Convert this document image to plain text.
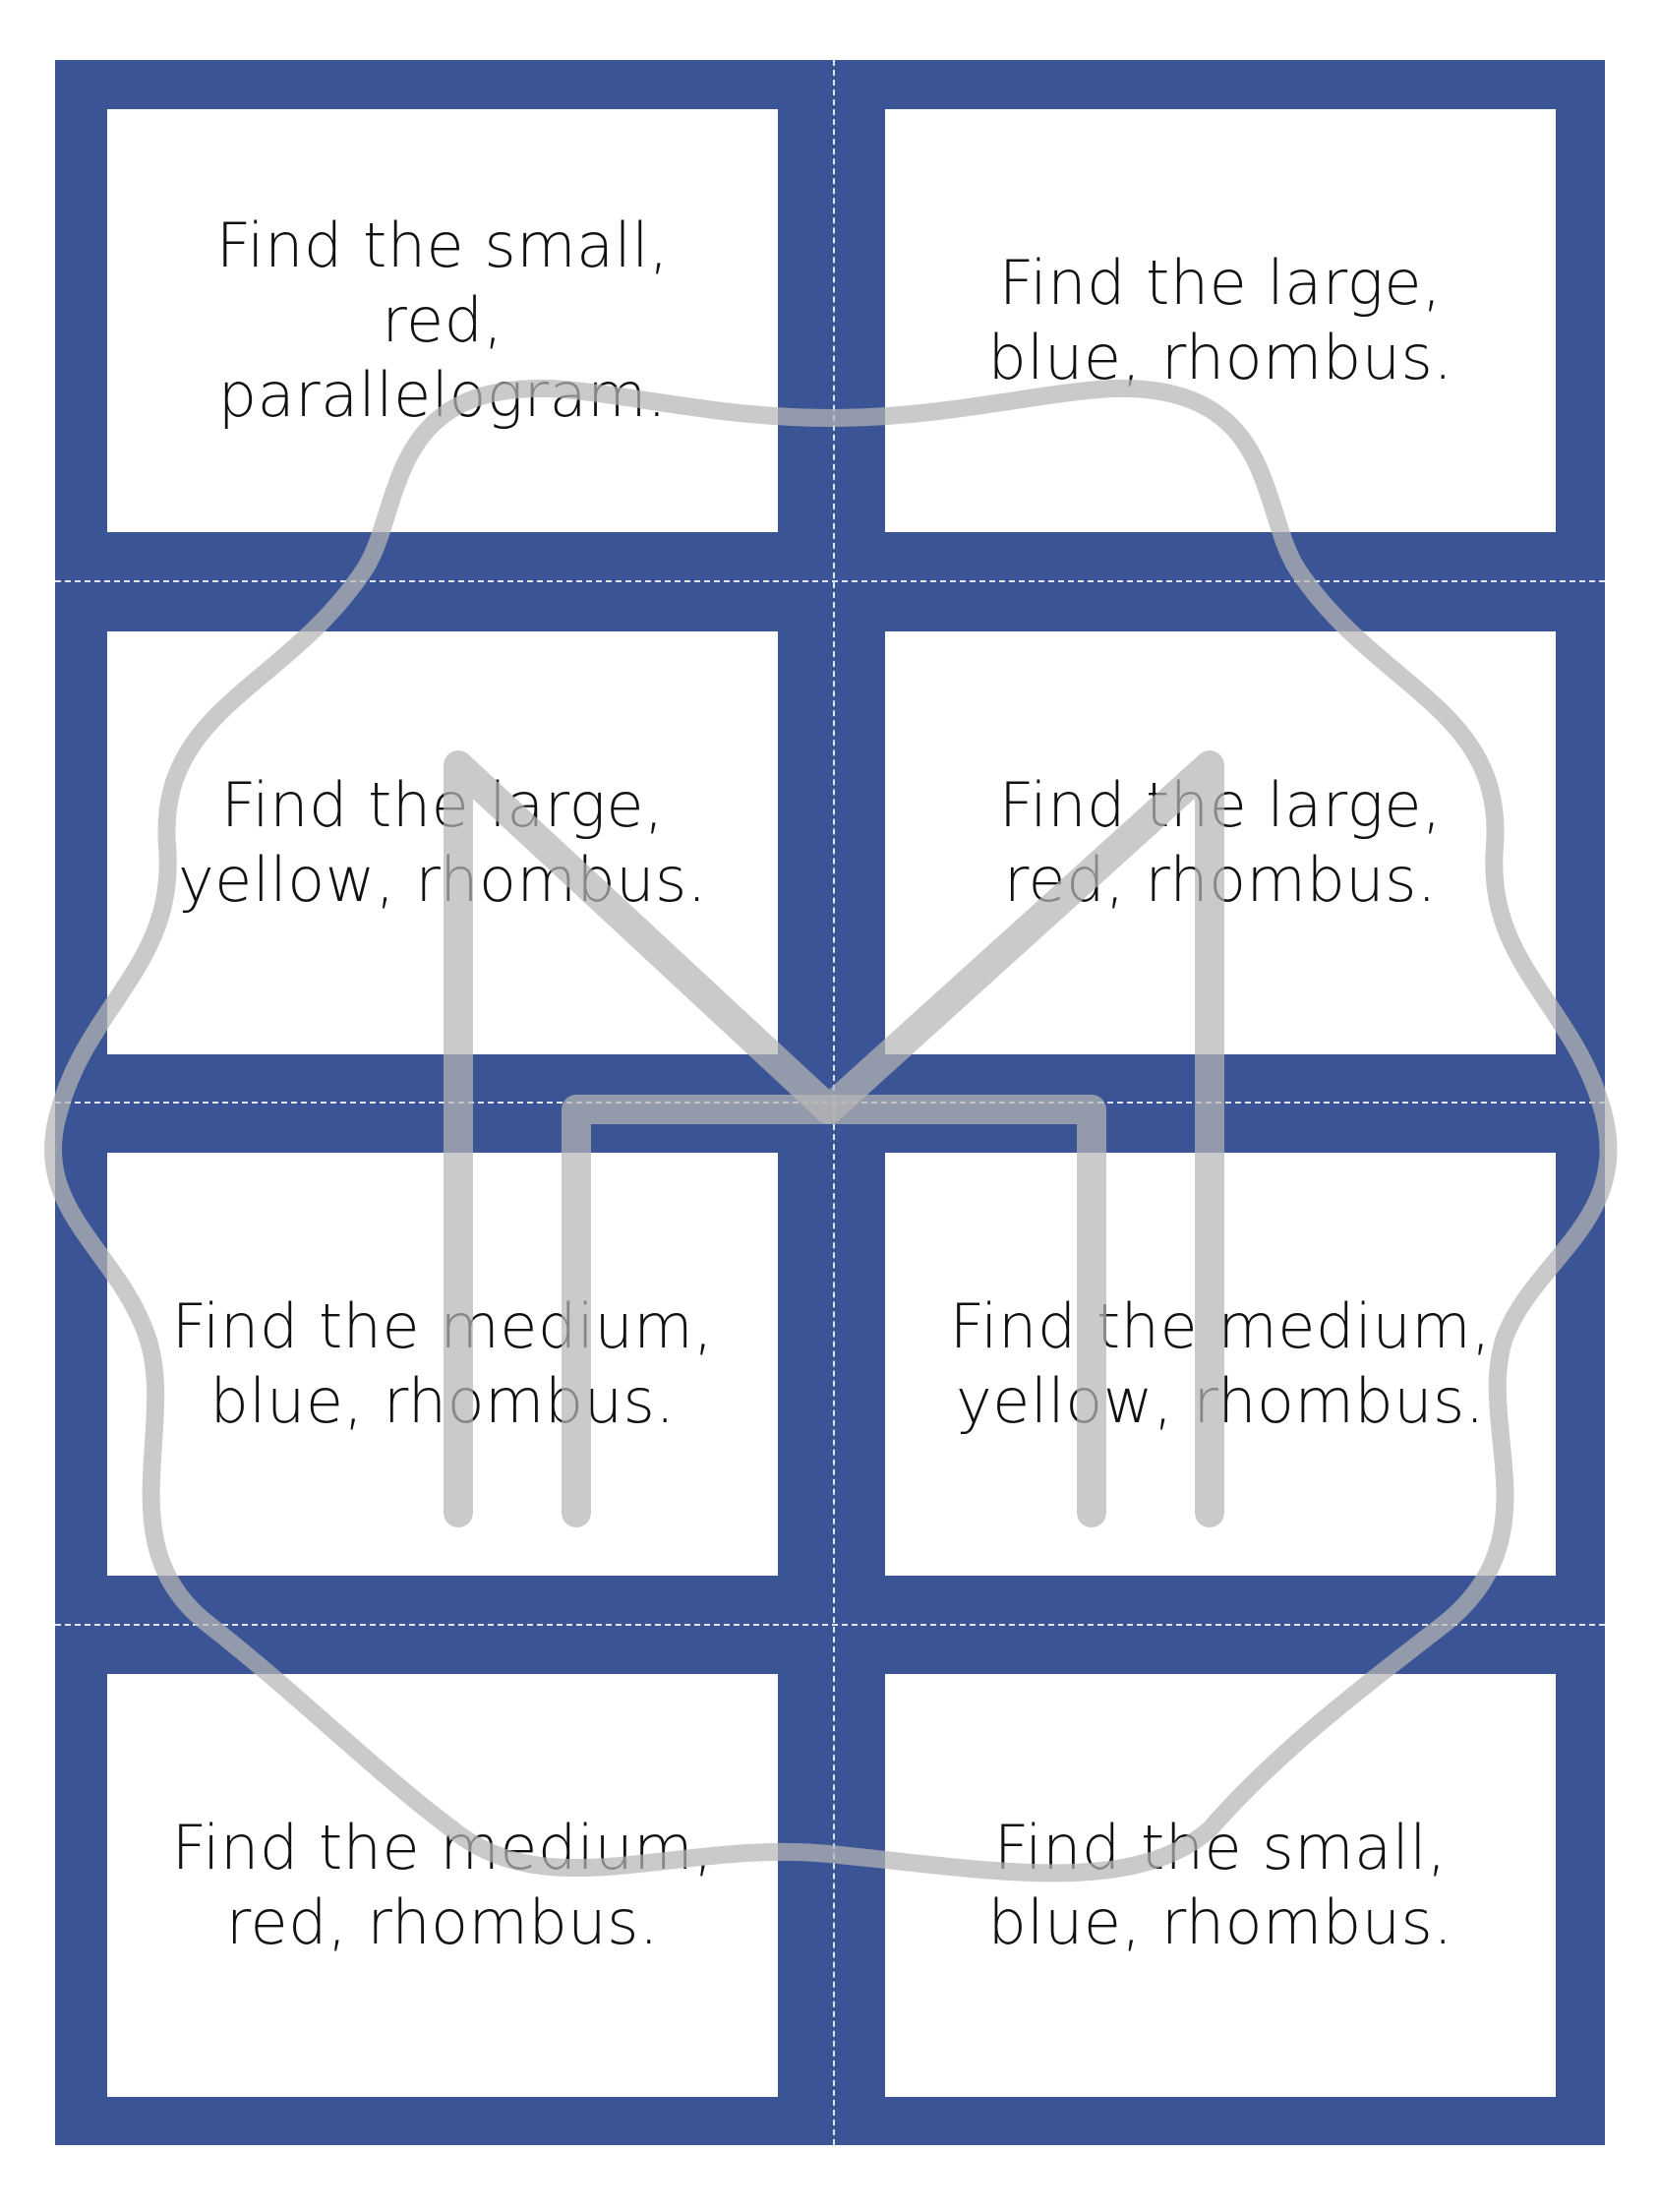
Find the small,
red,
parallelogram.
Find the large,
blue, rhombus.
Find the large,
yellow, rhombus.
Find the large,
red, rhombus.
Find the medium,
blue, rhombus.
Find the medium,
yellow, rhombus.
Find the medium,
red, rhombus.
Find the small,
blue, rhombus.
